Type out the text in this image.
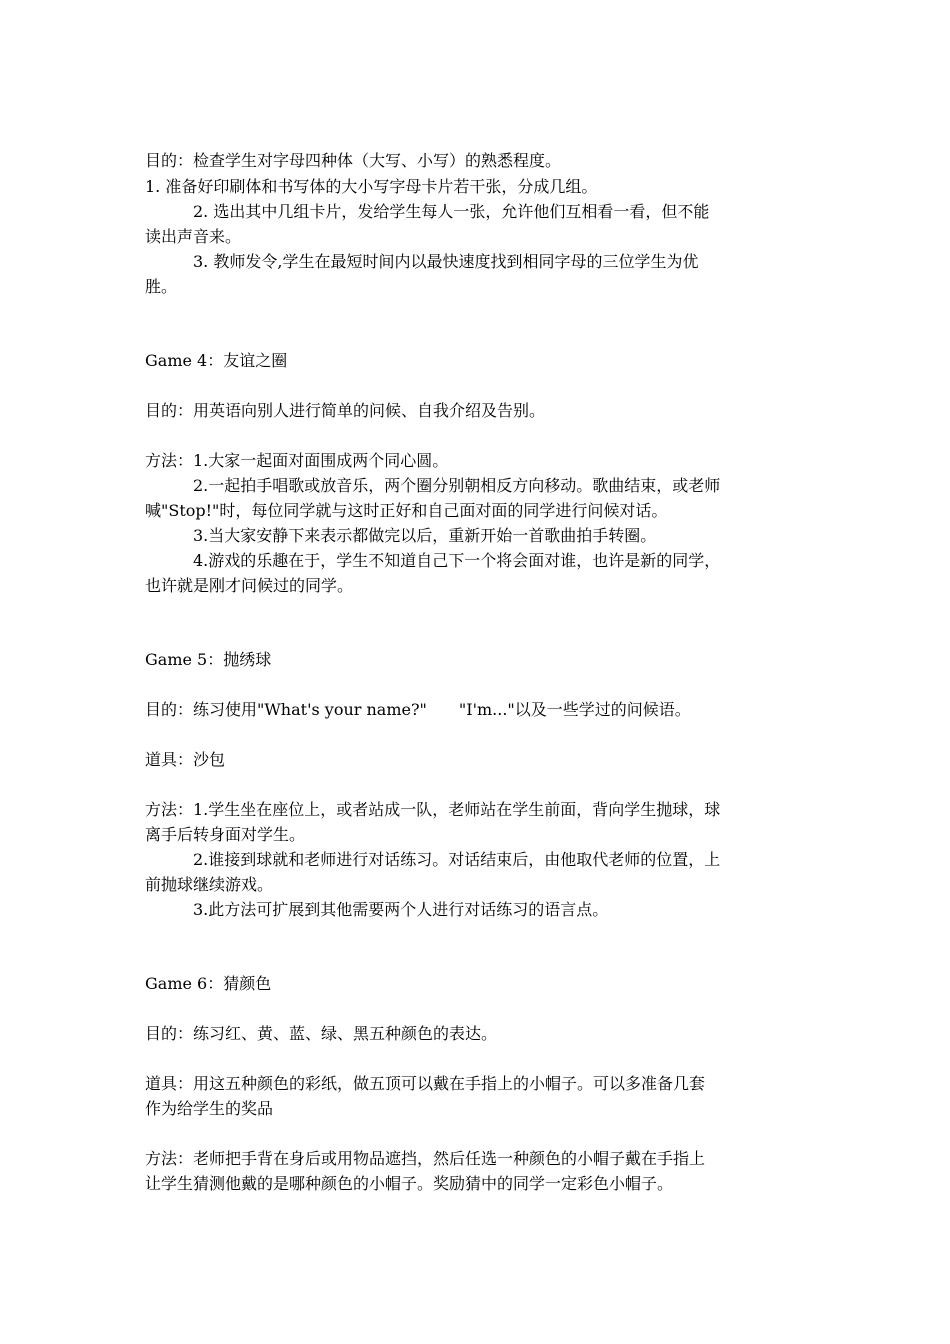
目的：检查学生对字母四种体（大写、小写）的熟悉程度。
1. 准备好印刷体和书写体的大小写字母卡片若干张，分成几组。
2. 选出其中几组卡片，发给学生每人一张，允许他们互相看一看，但不能
读出声音来。
3. 教师发令,学生在最短时间内以最快速度找到相同字母的三位学生为优
胜。
Game 4：友谊之圈
目的：用英语向别人进行简单的问候、自我介绍及告别。
方法：1.大家一起面对面围成两个同心圆。
2.一起拍手唱歌或放音乐，两个圈分别朝相反方向移动。歌曲结束，或老师
喊"Stop!"时，每位同学就与这时正好和自己面对面的同学进行问候对话。
3.当大家安静下来表示都做完以后，重新开始一首歌曲拍手转圈。
4.游戏的乐趣在于，学生不知道自己下一个将会面对谁，也许是新的同学，
也许就是刚才问候过的同学。
Game 5：抛绣球
目的：练习使用"What's your name?"　　"I'm..."以及一些学过的问候语。
道具：沙包
方法：1.学生坐在座位上，或者站成一队，老师站在学生前面，背向学生抛球，球
离手后转身面对学生。
2.谁接到球就和老师进行对话练习。对话结束后，由他取代老师的位置，上
前抛球继续游戏。
3.此方法可扩展到其他需要两个人进行对话练习的语言点。
Game 6：猜颜色
目的：练习红、黄、蓝、绿、黑五种颜色的表达。
道具：用这五种颜色的彩纸，做五顶可以戴在手指上的小帽子。可以多准备几套
作为给学生的奖品
方法：老师把手背在身后或用物品遮挡，然后任选一种颜色的小帽子戴在手指上
让学生猜测他戴的是哪种颜色的小帽子。奖励猜中的同学一定彩色小帽子。
